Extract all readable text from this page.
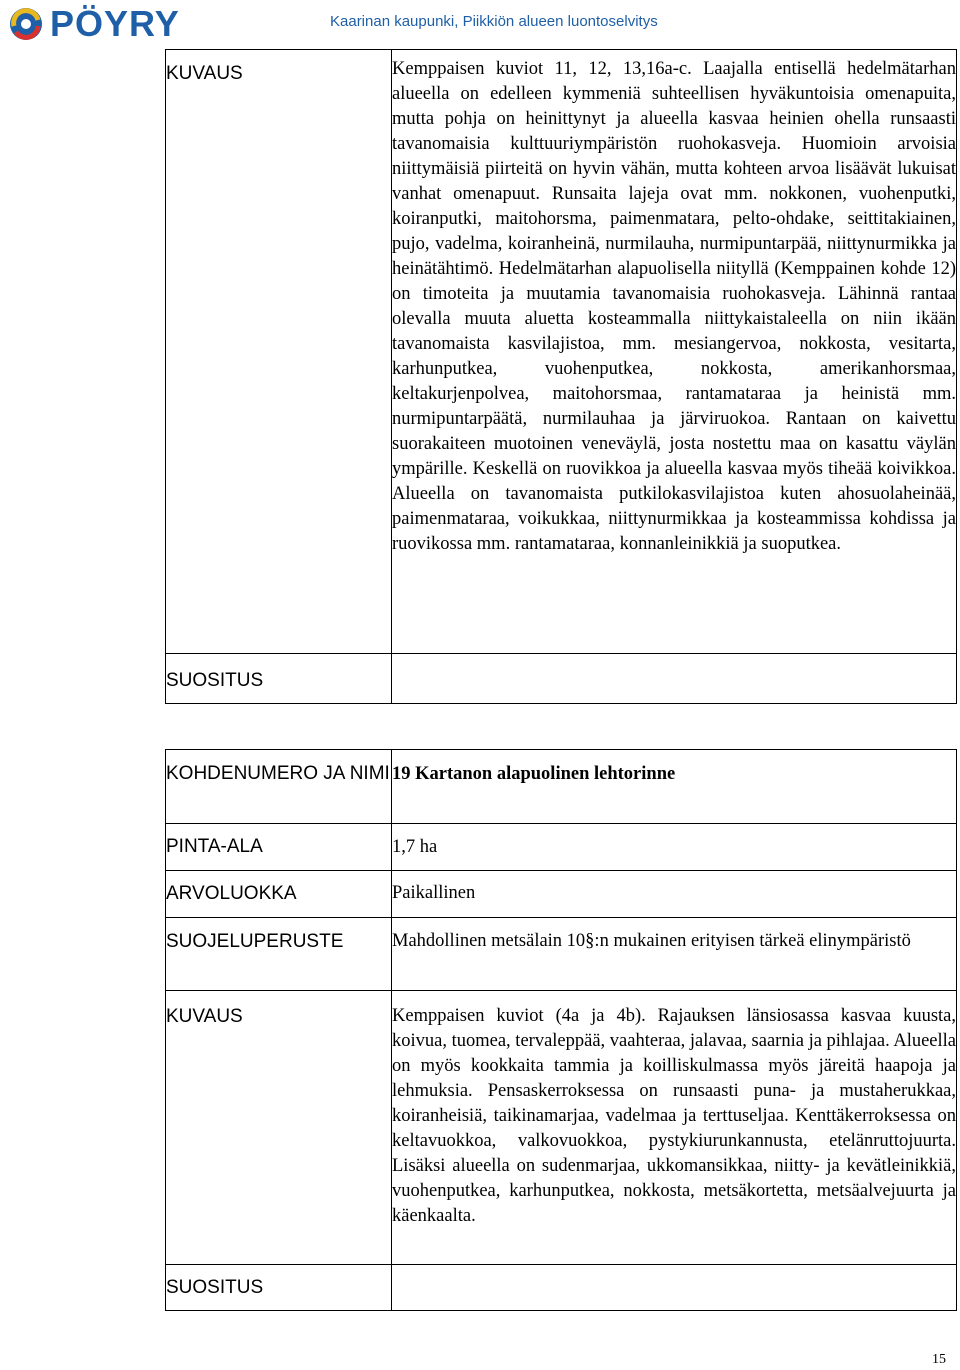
PÖYRY	Kaarinan kaupunki, Piikkiön alueen luontoselvitys
KUVAUS	Kemppaisen kuviot 11, 12, 13,16a-c. Laajalla entisellä hedelmätarhan alueella on edelleen kymmeniä suhteellisen hyväkuntoisia omenapuita, mutta pohja on heinittynyt ja alueella kasvaa heinien ohella runsaasti tavanomaisia kulttuuriympäristön ruohokasveja. Huomioin arvoisia niittymäisiä piirteitä on hyvin vähän, mutta kohteen arvoa lisäävät lukuisat vanhat omenapuut. Runsaita lajeja ovat mm. nokkonen, vuohenputki, koiranputki, maitohorsma, paimenmatara, pelto-ohdake, seittitakiainen, pujo, vadelma, koiranheinä, nurmilauha, nurmipuntarpää, niittynurmikka ja heinätähtimö. Hedelmätarhan alapuolisella niityllä (Kemppainen kohde 12) on timoteita ja muutamia tavanomaisia ruohokasveja. Lähinnä rantaa olevalla muuta aluetta kosteammalla niittykaistaleella on niin ikään tavanomaista kasvilajistoa, mm. mesiangervoa, nokkosta, vesitarta, karhunputkea, vuohenputkea, nokkosta, amerikanhorsmaa, keltakurjenpolvea, maitohorsmaa, rantamataraa ja heinistä mm. nurmipuntarpäätä, nurmilauhaa ja järviruokoa. Rantaan on kaivettu suorakaiteen muotoinen veneväylä, josta nostettu maa on kasattu väylän ympärille. Keskellä on ruovikkoa ja alueella kasvaa myös tiheää koivikkoa. Alueella on tavanomaista putkilokasvilajistoa kuten ahosuolaheinää, paimenmataraa, voikukkaa, niittynurmikkaa ja kosteammissa kohdissa ja ruovikossa mm. rantamataraa, konnanleinikkiä ja suoputkea.
SUOSITUS	
KOHDENUMERO JA NIMI	19 Kartanon alapuolinen lehtorinne
PINTA-ALA	1,7 ha
ARVOLUOKKA	Paikallinen
SUOJELUPERUSTE	Mahdollinen metsälain 10§:n mukainen erityisen tärkeä elinympäristö
KUVAUS	Kemppaisen kuviot (4a ja 4b). Rajauksen länsiosassa kasvaa kuusta, koivua, tuomea, tervaleppää, vaahteraa, jalavaa, saarnia ja pihlajaa. Alueella on myös kookkaita tammia ja koilliskulmassa myös järeitä haapoja ja lehmuksia. Pensaskerroksessa on runsaasti puna- ja mustaherukkaa, koiranheisiä, taikinamarjaa, vadelmaa ja terttuseljaa. Kenttäkerroksessa on keltavuokkoa, valkovuokkoa, pystykiurunkannusta, etelänruttojuurta. Lisäksi alueella on sudenmarjaa, ukkomansikkaa, niitty- ja kevätleinikkiä, vuohenputkea, karhunputkea, nokkosta, metsäkortetta, metsäalvejuurta ja käenkaalta.
SUOSITUS	
15
